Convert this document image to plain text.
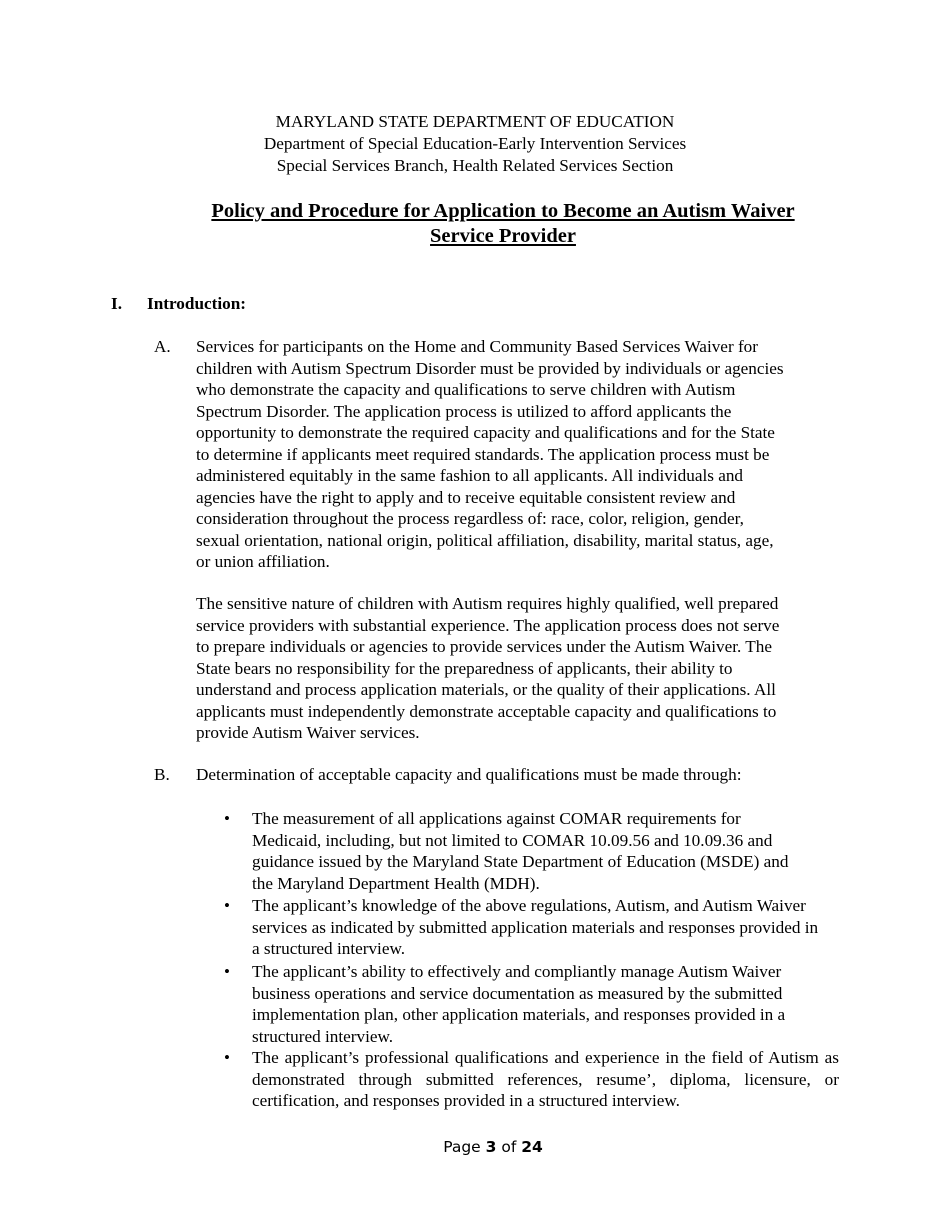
MARYLAND STATE DEPARTMENT OF EDUCATION
Department of Special Education-Early Intervention Services
Special Services Branch, Health Related Services Section
Policy and Procedure for Application to Become an Autism Waiver
Service Provider
I. Introduction:
A. Services for participants on the Home and Community Based Services Waiver for
children with Autism Spectrum Disorder must be provided by individuals or agencies
who demonstrate the capacity and qualifications to serve children with Autism
Spectrum Disorder. The application process is utilized to afford applicants the
opportunity to demonstrate the required capacity and qualifications and for the State
to determine if applicants meet required standards. The application process must be
administered equitably in the same fashion to all applicants. All individuals and
agencies have the right to apply and to receive equitable consistent review and
consideration throughout the process regardless of: race, color, religion, gender,
sexual orientation, national origin, political affiliation, disability, marital status, age,
or union affiliation.
The sensitive nature of children with Autism requires highly qualified, well prepared
service providers with substantial experience. The application process does not serve
to prepare individuals or agencies to provide services under the Autism Waiver. The
State bears no responsibility for the preparedness of applicants, their ability to
understand and process application materials, or the quality of their applications. All
applicants must independently demonstrate acceptable capacity and qualifications to
provide Autism Waiver services.
B. Determination of acceptable capacity and qualifications must be made through:
• The measurement of all applications against COMAR requirements for
Medicaid, including, but not limited to COMAR 10.09.56 and 10.09.36 and
guidance issued by the Maryland State Department of Education (MSDE) and
the Maryland Department Health (MDH).
• The applicant’s knowledge of the above regulations, Autism, and Autism Waiver
services as indicated by submitted application materials and responses provided in
a structured interview.
• The applicant’s ability to effectively and compliantly manage Autism Waiver
business operations and service documentation as measured by the submitted
implementation plan, other application materials, and responses provided in a
structured interview.
• The applicant’s professional qualifications and experience in the field of Autism as demonstrated through submitted references, resume’, diploma, licensure, or certification, and responses provided in a structured interview.
Page 3 of 24
